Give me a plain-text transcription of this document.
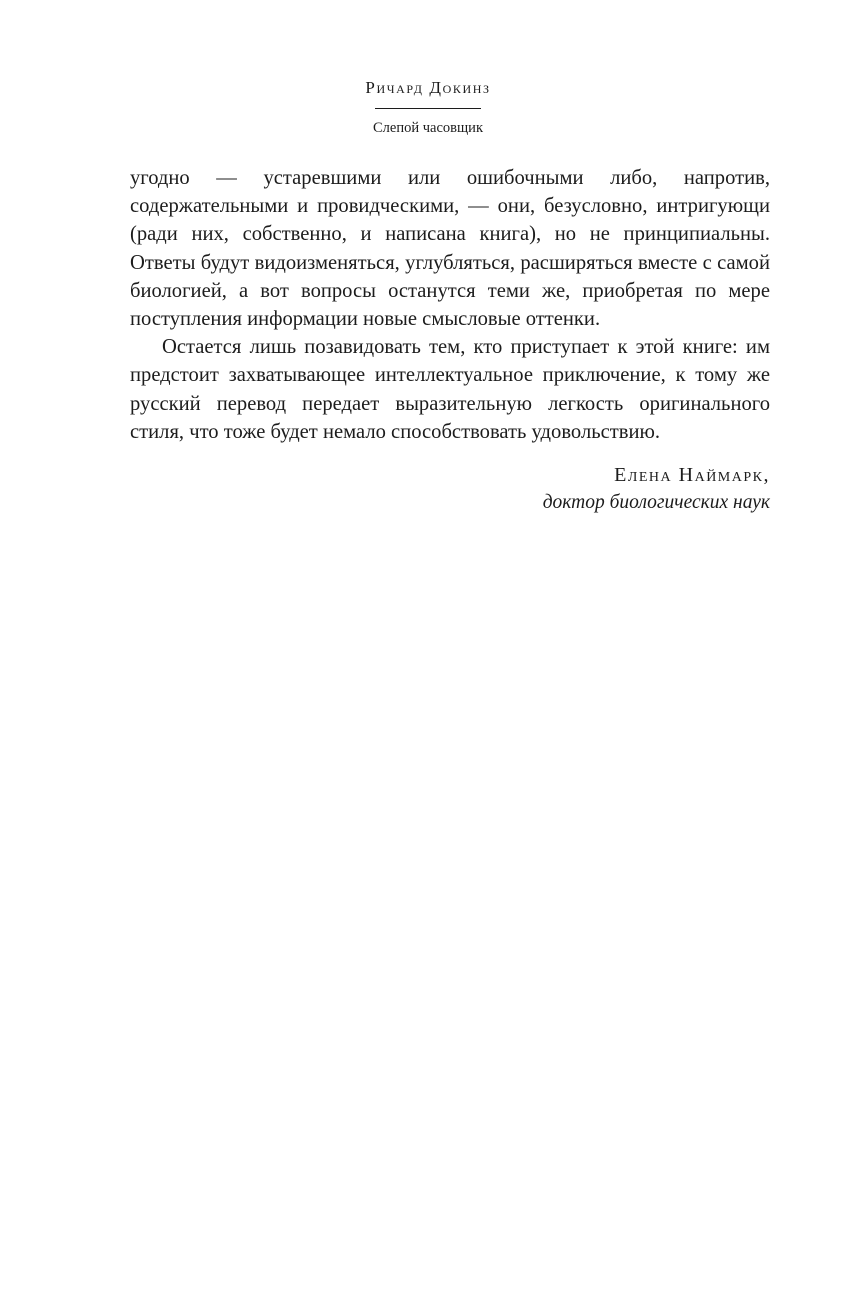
Ричард Докинз
Слепой часовщик

угодно — устаревшими или ошибочными либо, напротив, содержательными и провидческими, — они, безусловно, интригующи (ради них, собственно, и написана книга), но не принципиальны. Ответы будут видоизменяться, углубляться, расширяться вместе с самой биологией, а вот вопросы останутся теми же, приобретая по мере поступления информации новые смысловые оттенки.

Остается лишь позавидовать тем, кто приступает к этой книге: им предстоит захватывающее интеллектуальное приключение, к тому же русский перевод передает выразительную легкость оригинального стиля, что тоже будет немало способствовать удовольствию.

Елена Наймарк,
доктор биологических наук
